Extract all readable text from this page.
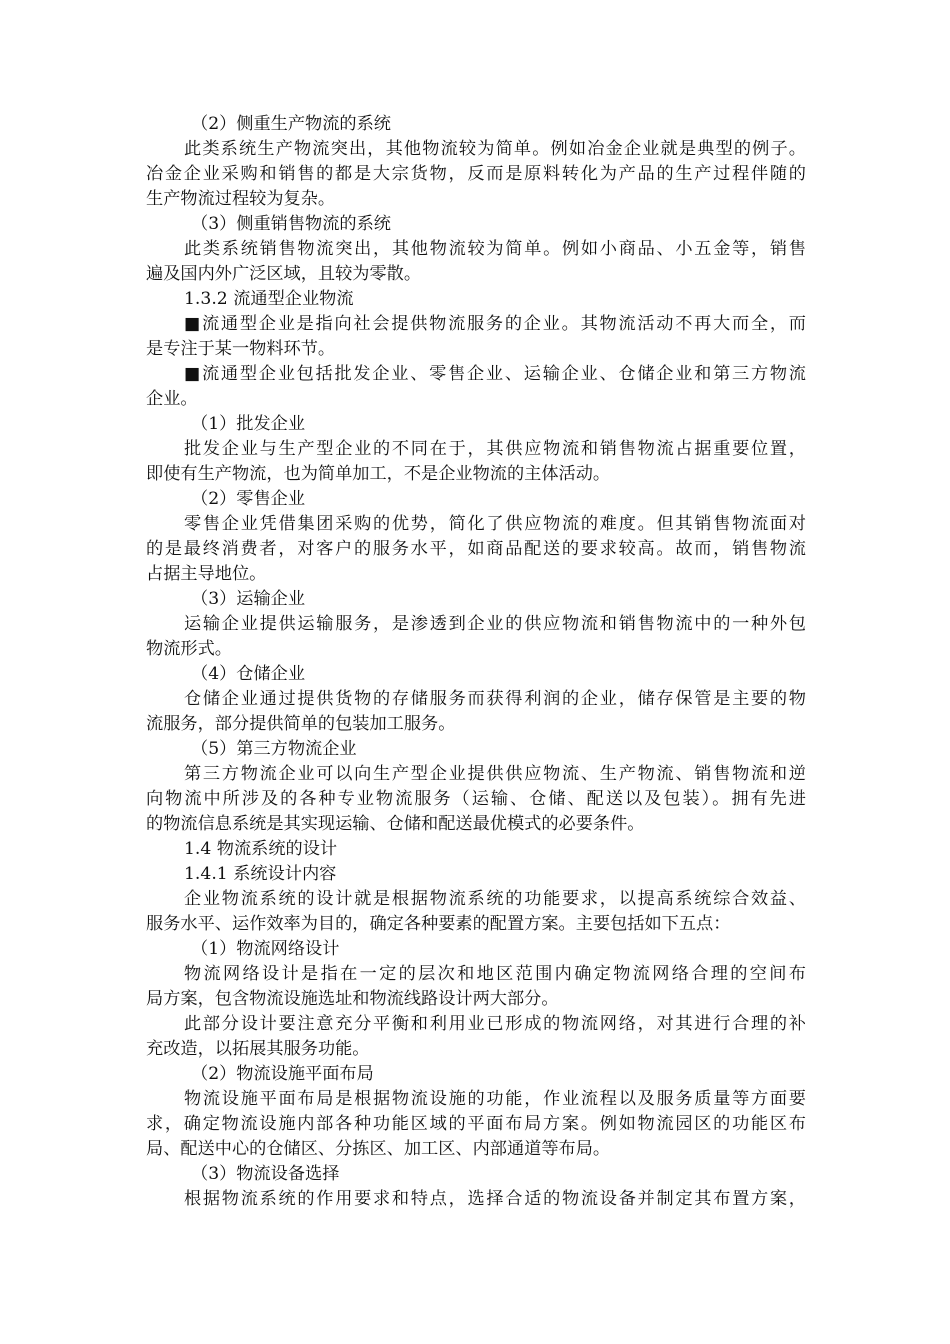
（2）侧重生产物流的系统
此类系统生产物流突出，其他物流较为简单。例如冶金企业就是典型的例子。
冶金企业采购和销售的都是大宗货物，反而是原料转化为产品的生产过程伴随的
生产物流过程较为复杂。
（3）侧重销售物流的系统
此类系统销售物流突出，其他物流较为简单。例如小商品、小五金等，销售
遍及国内外广泛区域，且较为零散。
1.3.2 流通型企业物流
■流通型企业是指向社会提供物流服务的企业。其物流活动不再大而全，而
是专注于某一物料环节。
■流通型企业包括批发企业、零售企业、运输企业、仓储企业和第三方物流
企业。
（1）批发企业
批发企业与生产型企业的不同在于，其供应物流和销售物流占据重要位置，
即使有生产物流，也为简单加工，不是企业物流的主体活动。
（2）零售企业
零售企业凭借集团采购的优势，简化了供应物流的难度。但其销售物流面对
的是最终消费者，对客户的服务水平，如商品配送的要求较高。故而，销售物流
占据主导地位。
（3）运输企业
运输企业提供运输服务，是渗透到企业的供应物流和销售物流中的一种外包
物流形式。
（4）仓储企业
仓储企业通过提供货物的存储服务而获得利润的企业，储存保管是主要的物
流服务，部分提供简单的包装加工服务。
（5）第三方物流企业
第三方物流企业可以向生产型企业提供供应物流、生产物流、销售物流和逆
向物流中所涉及的各种专业物流服务（运输、仓储、配送以及包装）。拥有先进
的物流信息系统是其实现运输、仓储和配送最优模式的必要条件。
1.4 物流系统的设计
1.4.1 系统设计内容
企业物流系统的设计就是根据物流系统的功能要求，以提高系统综合效益、
服务水平、运作效率为目的，确定各种要素的配置方案。主要包括如下五点：
（1）物流网络设计
物流网络设计是指在一定的层次和地区范围内确定物流网络合理的空间布
局方案，包含物流设施选址和物流线路设计两大部分。
此部分设计要注意充分平衡和利用业已形成的物流网络，对其进行合理的补
充改造，以拓展其服务功能。
（2）物流设施平面布局
物流设施平面布局是根据物流设施的功能，作业流程以及服务质量等方面要
求，确定物流设施内部各种功能区域的平面布局方案。例如物流园区的功能区布
局、配送中心的仓储区、分拣区、加工区、内部通道等布局。
（3）物流设备选择
根据物流系统的作用要求和特点，选择合适的物流设备并制定其布置方案，
